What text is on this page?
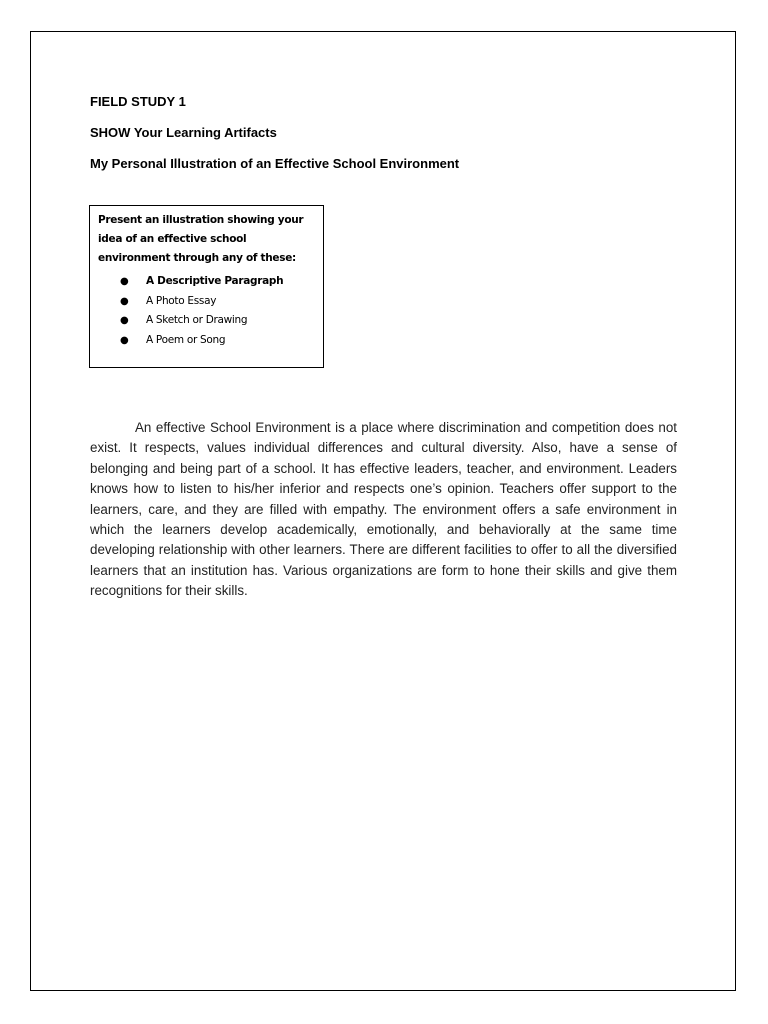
FIELD STUDY 1
SHOW Your Learning Artifacts
My Personal Illustration of an Effective School Environment
Present an illustration showing your idea of an effective school environment through any of these:
● A Descriptive Paragraph
● A Photo Essay
● A Sketch or Drawing
● A Poem or Song

An effective School Environment is a place where discrimination and competition does not exist. It respects, values individual differences and cultural diversity. Also, have a sense of belonging and being part of a school. It has effective leaders, teacher, and environment. Leaders knows how to listen to his/her inferior and respects one’s opinion. Teachers offer support to the learners, care, and they are filled with empathy. The environment offers a safe environment in which the learners develop academically, emotionally, and behaviorally at the same time developing relationship with other learners. There are different facilities to offer to all the diversified learners that an institution has. Various organizations are form to hone their skills and give them recognitions for their skills.
